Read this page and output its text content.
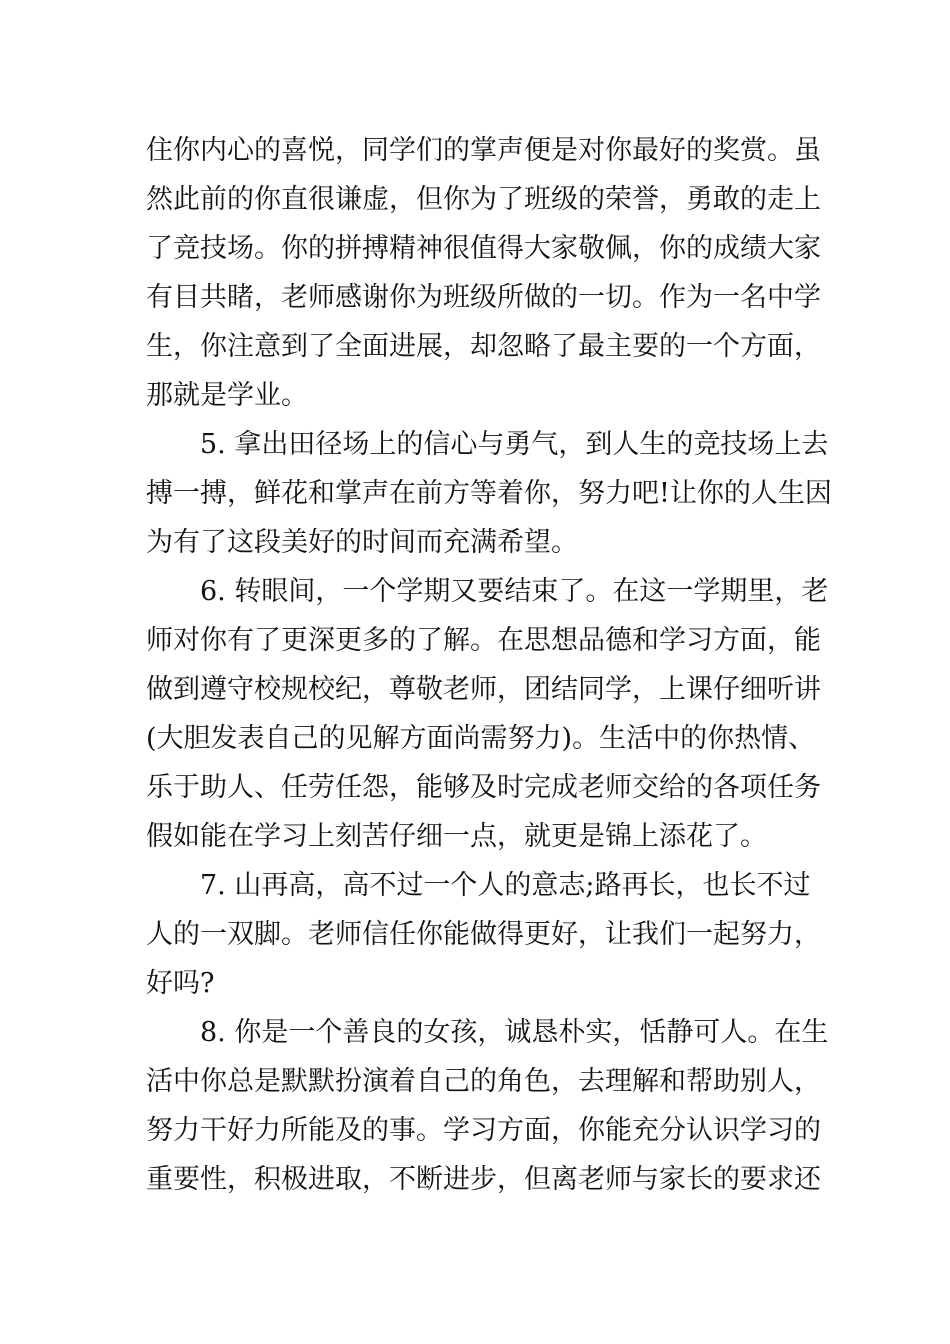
住你内心的喜悦，同学们的掌声便是对你最好的奖赏。虽
然此前的你直很谦虚，但你为了班级的荣誉，勇敢的走上
了竞技场。你的拼搏精神很值得大家敬佩，你的成绩大家
有目共睹，老师感谢你为班级所做的一切。作为一名中学
生，你注意到了全面进展，却忽略了最主要的一个方面，
那就是学业。
5. 拿出田径场上的信心与勇气，到人生的竞技场上去
搏一搏，鲜花和掌声在前方等着你，努力吧!让你的人生因
为有了这段美好的时间而充满希望。
6. 转眼间，一个学期又要结束了。在这一学期里，老
师对你有了更深更多的了解。在思想品德和学习方面，能
做到遵守校规校纪，尊敬老师，团结同学，上课仔细听讲
(大胆发表自己的见解方面尚需努力)。生活中的你热情、
乐于助人、任劳任怨，能够及时完成老师交给的各项任务
假如能在学习上刻苦仔细一点，就更是锦上添花了。
7. 山再高，高不过一个人的意志;路再长，也长不过
人的一双脚。老师信任你能做得更好，让我们一起努力，
好吗?
8. 你是一个善良的女孩，诚恳朴实，恬静可人。在生
活中你总是默默扮演着自己的角色，去理解和帮助别人，
努力干好力所能及的事。学习方面，你能充分认识学习的
重要性，积极进取，不断进步，但离老师与家长的要求还
